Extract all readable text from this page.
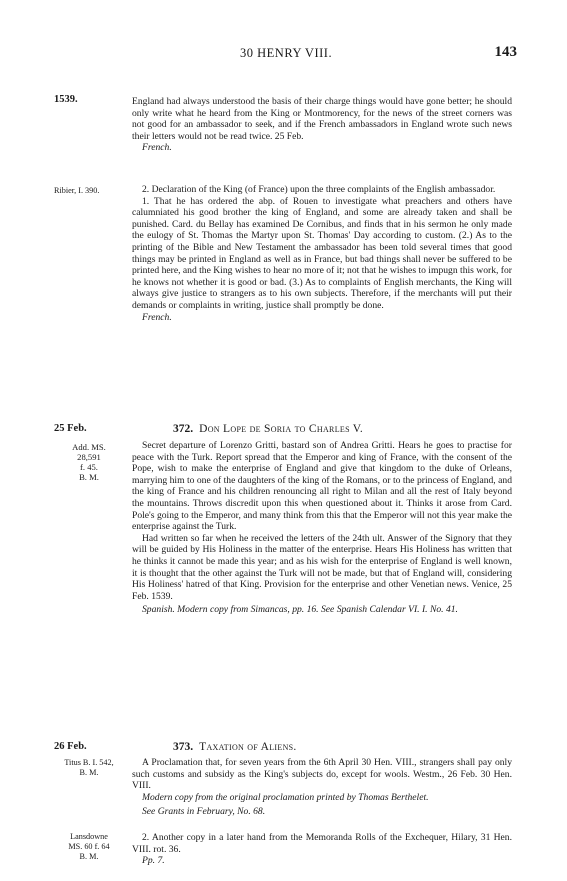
30 HENRY VIII.	143
1539.	England had always understood the basis of their charge things would have gone better; he should only write what he heard from the King or Montmorency, for the news of the street corners was not good for an ambassador to seek, and if the French ambassadors in England wrote such news their letters would not be read twice. 25 Feb.

French.

Ribier, I. 390.	2. Declaration of the King (of France) upon the three complaints of the English ambassador.

1. That he has ordered the abp. of Rouen to investigate what preachers and others have calumniated his good brother the king of England, and some are already taken and shall be punished. Card. du Bellay has examined De Cornibus, and finds that in his sermon he only made the eulogy of St. Thomas the Martyr upon St. Thomas' Day according to custom. (2.) As to the printing of the Bible and New Testament the ambassador has been told several times that good things may be printed in England as well as in France, but bad things shall never be suffered to be printed here, and the King wishes to hear no more of it; not that he wishes to impugn this work, for he knows not whether it is good or bad. (3.) As to complaints of English merchants, the King will always give justice to strangers as to his own subjects. Therefore, if the merchants will put their demands or complaints in writing, justice shall promptly be done.

French.

25 Feb.	372. Don Lope de Soria to Charles V.
Add. MS.
28,591
f. 45.
B. M.

Secret departure of Lorenzo Gritti, bastard son of Andrea Gritti. Hears he goes to practise for peace with the Turk. Report spread that the Emperor and king of France, with the consent of the Pope, wish to make the enterprise of England and give that kingdom to the duke of Orleans, marrying him to one of the daughters of the king of the Romans, or to the princess of England, and the king of France and his children renouncing all right to Milan and all the rest of Italy beyond the mountains. Throws discredit upon this when questioned about it. Thinks it arose from Card. Pole's going to the Emperor, and many think from this that the Emperor will not this year make the enterprise against the Turk.

Had written so far when he received the letters of the 24th ult. Answer of the Signory that they will be guided by His Holiness in the matter of the enterprise. Hears His Holiness has written that he thinks it cannot be made this year; and as his wish for the enterprise of England is well known, it is thought that the other against the Turk will not be made, but that of England will, considering His Holiness' hatred of that King. Provision for the enterprise and other Venetian news. Venice, 25 Feb. 1539.

Spanish. Modern copy from Simancas, pp. 16. See Spanish Calendar VI. I. No. 41.

26 Feb.	373. Taxation of Aliens.
Titus B. I. 542,
B. M.

A Proclamation that, for seven years from the 6th April 30 Hen. VIII., strangers shall pay only such customs and subsidy as the King's subjects do, except for wools. Westm., 26 Feb. 30 Hen. VIII.

Modern copy from the original proclamation printed by Thomas Berthelet.

See Grants in February, No. 68.

Lansdowne
MS. 60 f. 64
B. M.

2. Another copy in a later hand from the Memoranda Rolls of the Exchequer, Hilary, 31 Hen. VIII. rot. 36.

Pp. 7.
